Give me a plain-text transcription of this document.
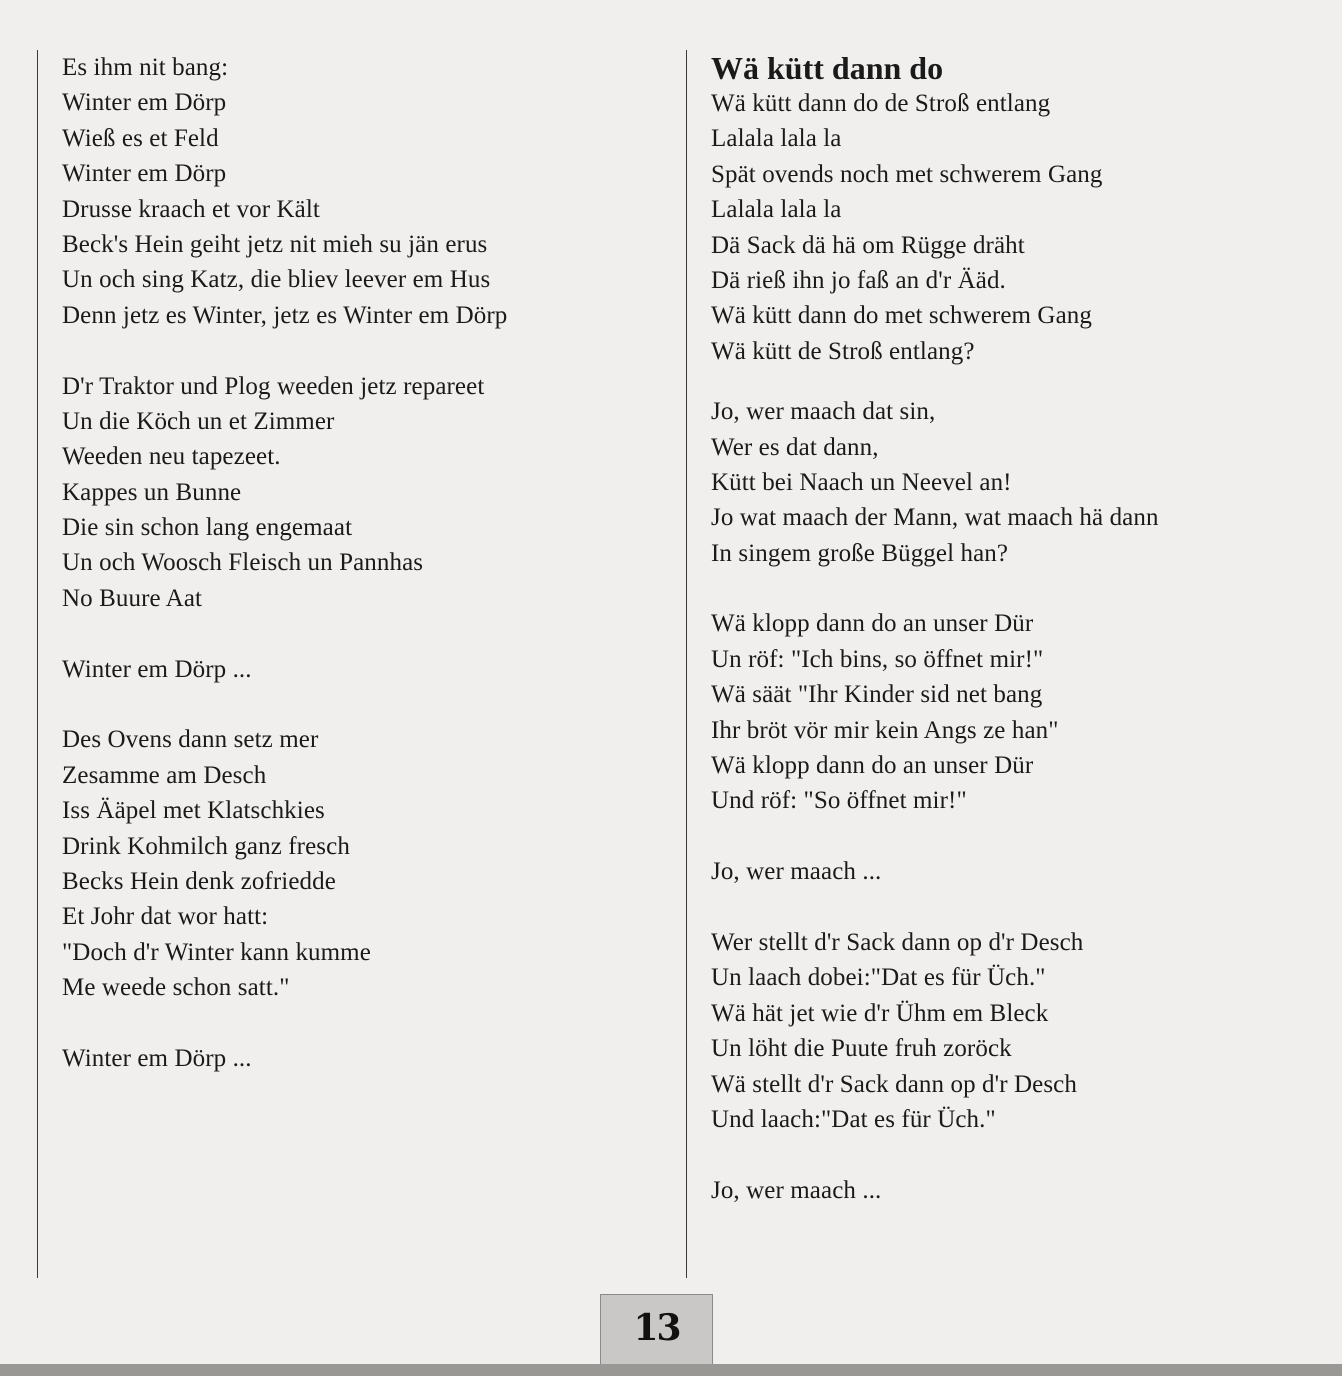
Es ihm nit bang:
Winter em Dörp
Wieß es et Feld
Winter em Dörp
Drusse kraach et vor Kält
Beck's Hein geiht jetz nit mieh su jän erus
Un och sing Katz, die bliev leever em Hus
Denn jetz es Winter, jetz es Winter em Dörp
D'r Traktor und Plog weeden jetz repareet
Un die Köch un et Zimmer
Weeden neu tapezeet.
Kappes un Bunne
Die sin schon lang engemaat
Un och Woosch Fleisch un Pannhas
No Buure Aat
Winter em Dörp ...
Des Ovens dann setz mer
Zesamme am Desch
Iss Ääpel met Klatschkies
Drink Kohmilch ganz fresch
Becks Hein denk zofriedde
Et Johr dat wor hatt:
"Doch d'r Winter kann kumme
Me weede schon satt."
Winter em Dörp ...
Wä kütt dann do
Wä kütt dann do de Stroß entlang
Lalala lala la
Spät ovends noch met schwerem Gang
Lalala lala la
Dä Sack dä hä om Rügge dräht
Dä rieß ihn jo faß an d'r Ääd.
Wä kütt dann do met schwerem Gang
Wä kütt de Stroß entlang?
Jo, wer maach dat sin,
Wer es dat dann,
Kütt bei Naach un Neevel an!
Jo wat maach der Mann, wat maach hä dann
In singem große Büggel han?
Wä klopp dann do an unser Dür
Un röf: "Ich bins, so öffnet mir!"
Wä säät "Ihr Kinder sid net bang
Ihr bröt vör mir kein Angs ze han"
Wä klopp dann do an unser Dür
Und röf: "So öffnet mir!"
Jo, wer maach ...
Wer stellt d'r Sack dann op d'r Desch
Un laach dobei:"Dat es für Üch."
Wä hät jet wie d'r Ühm em Bleck
Un löht die Puute fruh zoröck
Wä stellt d'r Sack dann op d'r Desch
Und laach:"Dat es für Üch."
Jo, wer maach ...
13
